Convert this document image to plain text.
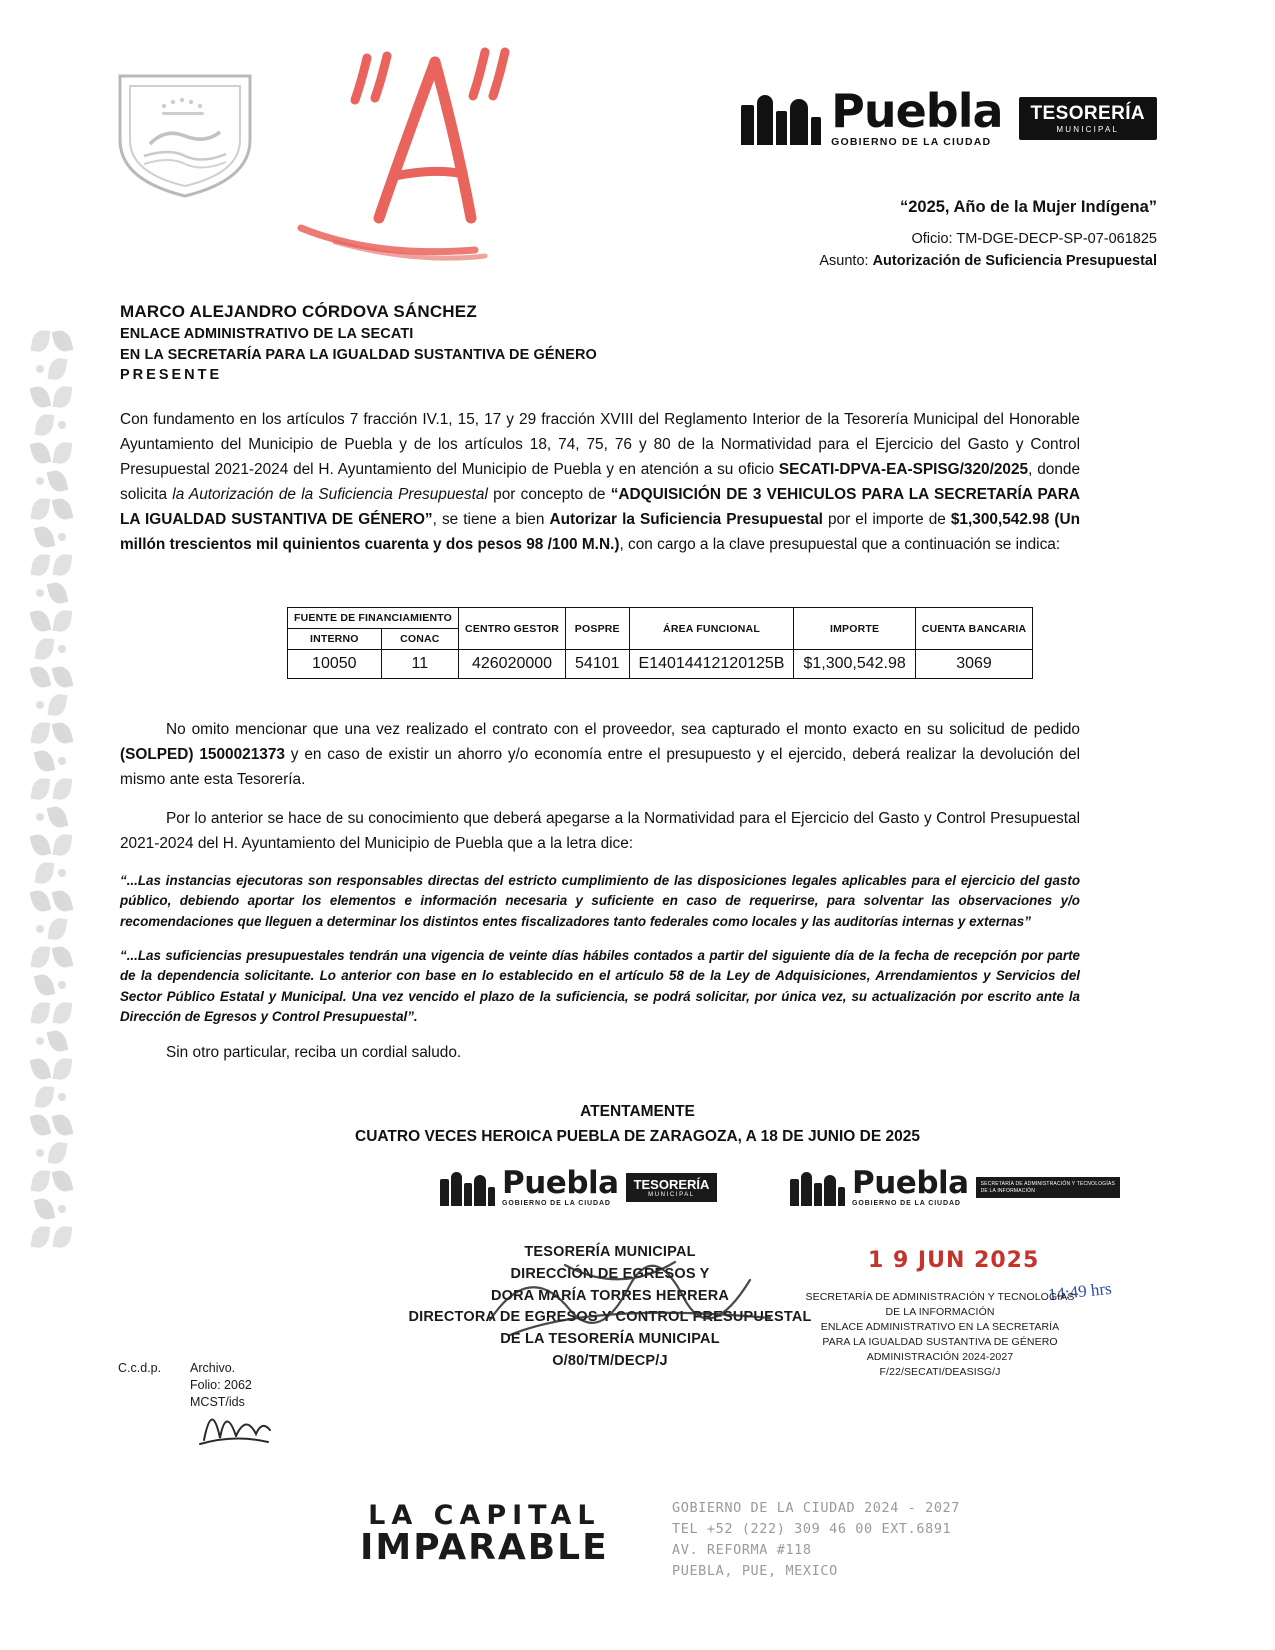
Puebla
GOBIERNO DE LA CIUDAD
TESORERÍA
MUNICIPAL
“2025, Año de la Mujer Indígena”
Oficio: TM-DGE-DECP-SP-07-061825
Asunto: Autorización de Suficiencia Presupuestal
MARCO ALEJANDRO CÓRDOVA SÁNCHEZ
ENLACE ADMINISTRATIVO DE LA SECATI
EN LA SECRETARÍA PARA LA IGUALDAD SUSTANTIVA DE GÉNERO
PRESENTE

Con fundamento en los artículos 7 fracción IV.1, 15, 17 y 29 fracción XVIII del Reglamento Interior de la Tesorería Municipal del Honorable Ayuntamiento del Municipio de Puebla y de los artículos 18, 74, 75, 76 y 80 de la Normatividad para el Ejercicio del Gasto y Control Presupuestal 2021-2024 del H. Ayuntamiento del Municipio de Puebla y en atención a su oficio SECATI-DPVA-EA-SPISG/320/2025, donde solicita la Autorización de la Suficiencia Presupuestal por concepto de “ADQUISICIÓN DE 3 VEHICULOS PARA LA SECRETARÍA PARA LA IGUALDAD SUSTANTIVA DE GÉNERO”, se tiene a bien Autorizar la Suficiencia Presupuestal por el importe de $1,300,542.98 (Un millón trescientos mil quinientos cuarenta y dos pesos 98 /100 M.N.), con cargo a la clave presupuestal que a continuación se indica:

FUENTE DE FINANCIAMIENTO		CENTRO GESTOR	POSPRE	ÁREA FUNCIONAL	IMPORTE	CUENTA BANCARIA
INTERNO	CONAC					
10050	11	426020000	54101	E14014412120125B	$1,300,542.98	3069

No omito mencionar que una vez realizado el contrato con el proveedor, sea capturado el monto exacto en su solicitud de pedido (SOLPED) 1500021373 y en caso de existir un ahorro y/o economía entre el presupuesto y el ejercido, deberá realizar la devolución del mismo ante esta Tesorería.

Por lo anterior se hace de su conocimiento que deberá apegarse a la Normatividad para el Ejercicio del Gasto y Control Presupuestal 2021-2024 del H. Ayuntamiento del Municipio de Puebla que a la letra dice:

“...Las instancias ejecutoras son responsables directas del estricto cumplimiento de las disposiciones legales aplicables para el ejercicio del gasto público, debiendo aportar los elementos e información necesaria y suficiente en caso de requerirse, para solventar las observaciones y/o recomendaciones que lleguen a determinar los distintos entes fiscalizadores tanto federales como locales y las auditorías internas y externas”

“...Las suficiencias presupuestales tendrán una vigencia de veinte días hábiles contados a partir del siguiente día de la fecha de recepción por parte de la dependencia solicitante. Lo anterior con base en lo establecido en el artículo 58 de la Ley de Adquisiciones, Arrendamientos y Servicios del Sector Público Estatal y Municipal. Una vez vencido el plazo de la suficiencia, se podrá solicitar, por única vez, su actualización por escrito ante la Dirección de Egresos y Control Presupuestal”.

Sin otro particular, reciba un cordial saludo.

ATENTAMENTE
CUATRO VECES HEROICA PUEBLA DE ZARAGOZA, A 18 DE JUNIO DE 2025
Puebla
GOBIERNO DE LA CIUDAD
TESORERÍA
MUNICIPAL	Puebla
GOBIERNO DE LA CIUDAD
SECRETARÍA DE ADMINISTRACIÓN Y TECNOLOGÍAS
DE LA INFORMACIÓN
TESORERÍA MUNICIPAL
DIRECCIÓN DE EGRESOS Y
DORA MARÍA TORRES HERRERA
DIRECTORA DE EGRESOS Y CONTROL PRESUPUESTAL
DE LA TESORERÍA MUNICIPAL
O/80/TM/DECP/J
1 9 JUN 2025
14:49 hrs
SECRETARÍA DE ADMINISTRACIÓN Y TECNOLOGÍAS
DE LA INFORMACIÓN
ENLACE ADMINISTRATIVO EN LA SECRETARÍA
PARA LA IGUALDAD SUSTANTIVA DE GÉNERO
ADMINISTRACIÓN 2024-2027
F/22/SECATI/DEASISG/J
C.c.d.p. Archivo.
Folio: 2062
MCST/ids
LA CAPITAL
IMPARABLE
GOBIERNO DE LA CIUDAD 2024 - 2027
TEL +52 (222) 309 46 00 EXT.6891
AV. REFORMA #118
PUEBLA, PUE, MEXICO
